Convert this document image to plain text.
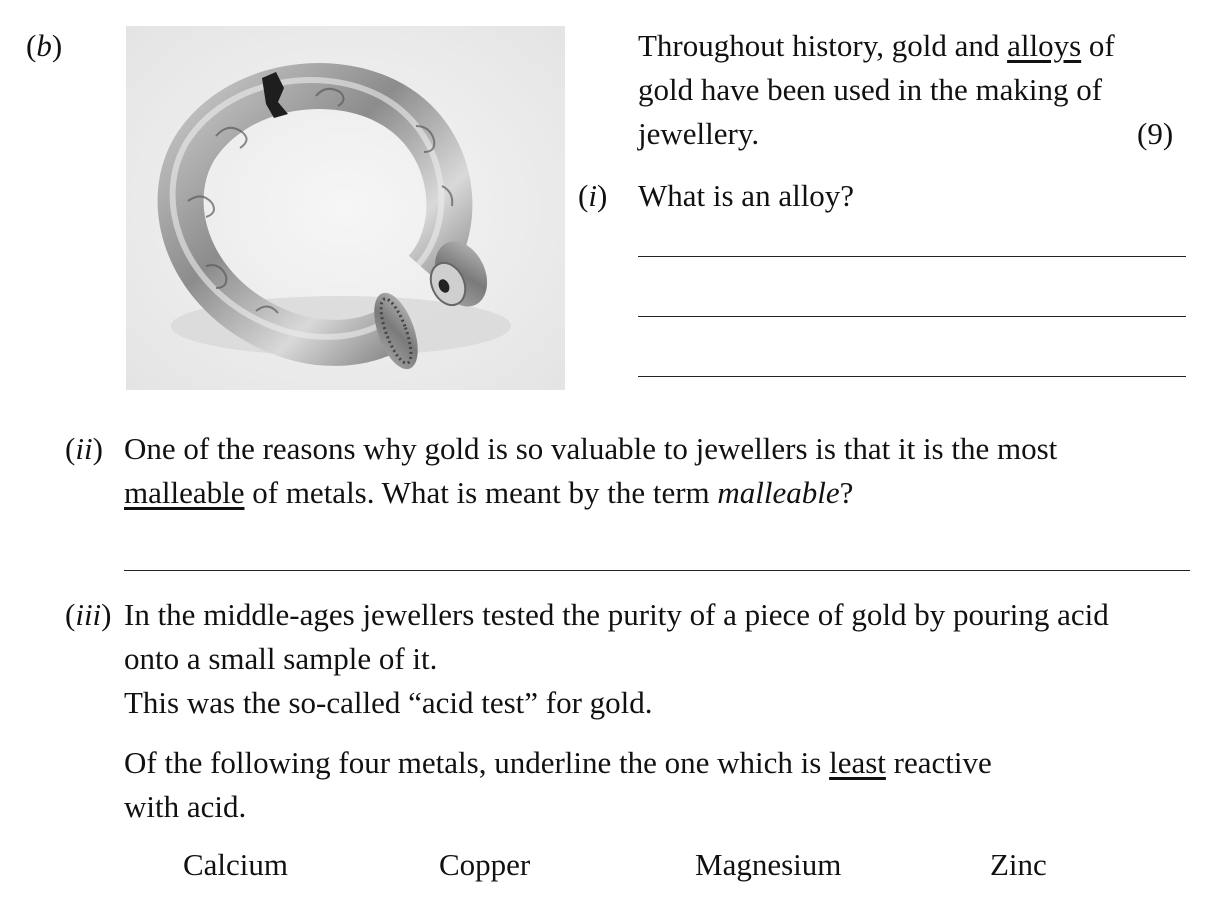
(b)	Throughout history, gold and alloys of
gold have been used in the making of
jewellery.	(9)
(i) What is an alloy?
(ii) One of the reasons why gold is so valuable to jewellers is that it is the most
malleable of metals. What is meant by the term malleable?
(iii) In the middle-ages jewellers tested the purity of a piece of gold by pouring acid
onto a small sample of it.
This was the so-called “acid test” for gold.
Of the following four metals, underline the one which is least reactive
with acid.
Calcium	Copper	Magnesium	Zinc
